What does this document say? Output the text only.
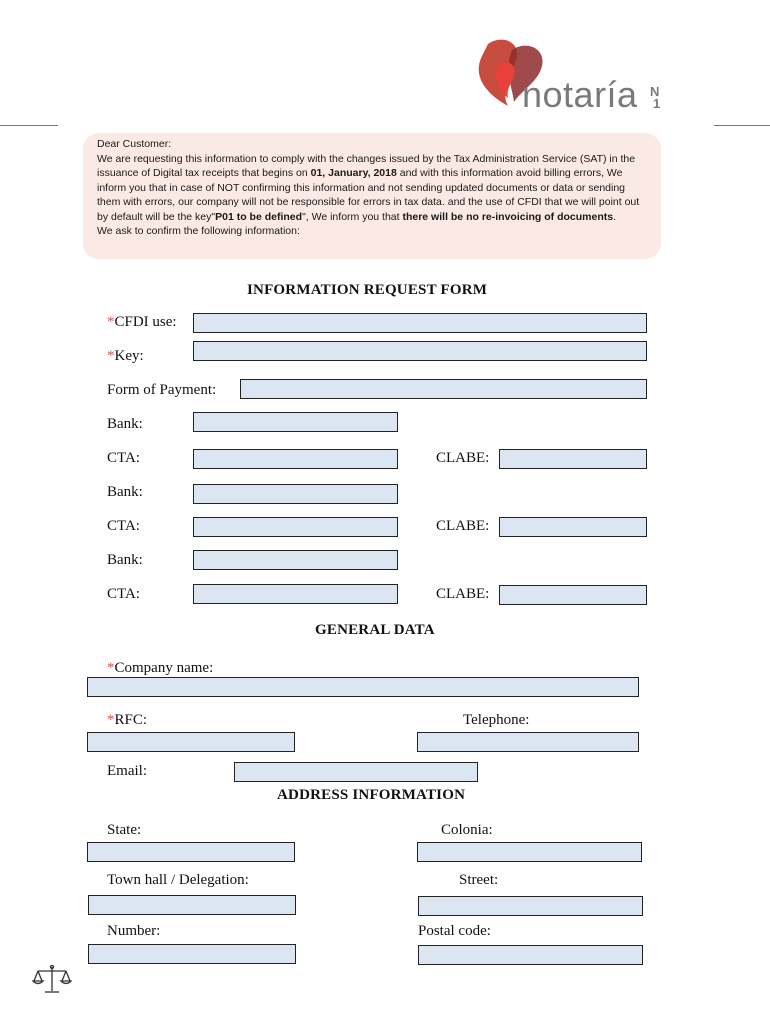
notaría N
1

Dear Customer:

We are requesting this information to comply with the changes issued by the Tax Administration Service (SAT) in the issuance of Digital tax receipts that begins on 01, January, 2018 and with this information avoid billing errors, We inform you that in case of NOT confirming this information and not sending updated documents or data or sending them with errors, our company will not be responsible for errors in tax data. and the use of CFDI that we will point out by default will be the key"P01 to be defined", We inform you that there will be no re-invoicing of documents.

We ask to confirm the following information:

INFORMATION REQUEST FORM
*CFDI use:
*Key:
Form of Payment:
Bank:
CTA:	CLABE:
Bank:
CTA:	CLABE:
Bank:
CTA:	CLABE:
GENERAL DATA
*Company name:
*RFC:	Telephone:
Email:
ADDRESS INFORMATION
State:	Colonia:
Town hall / Delegation:	Street:
Number:	Postal code:
